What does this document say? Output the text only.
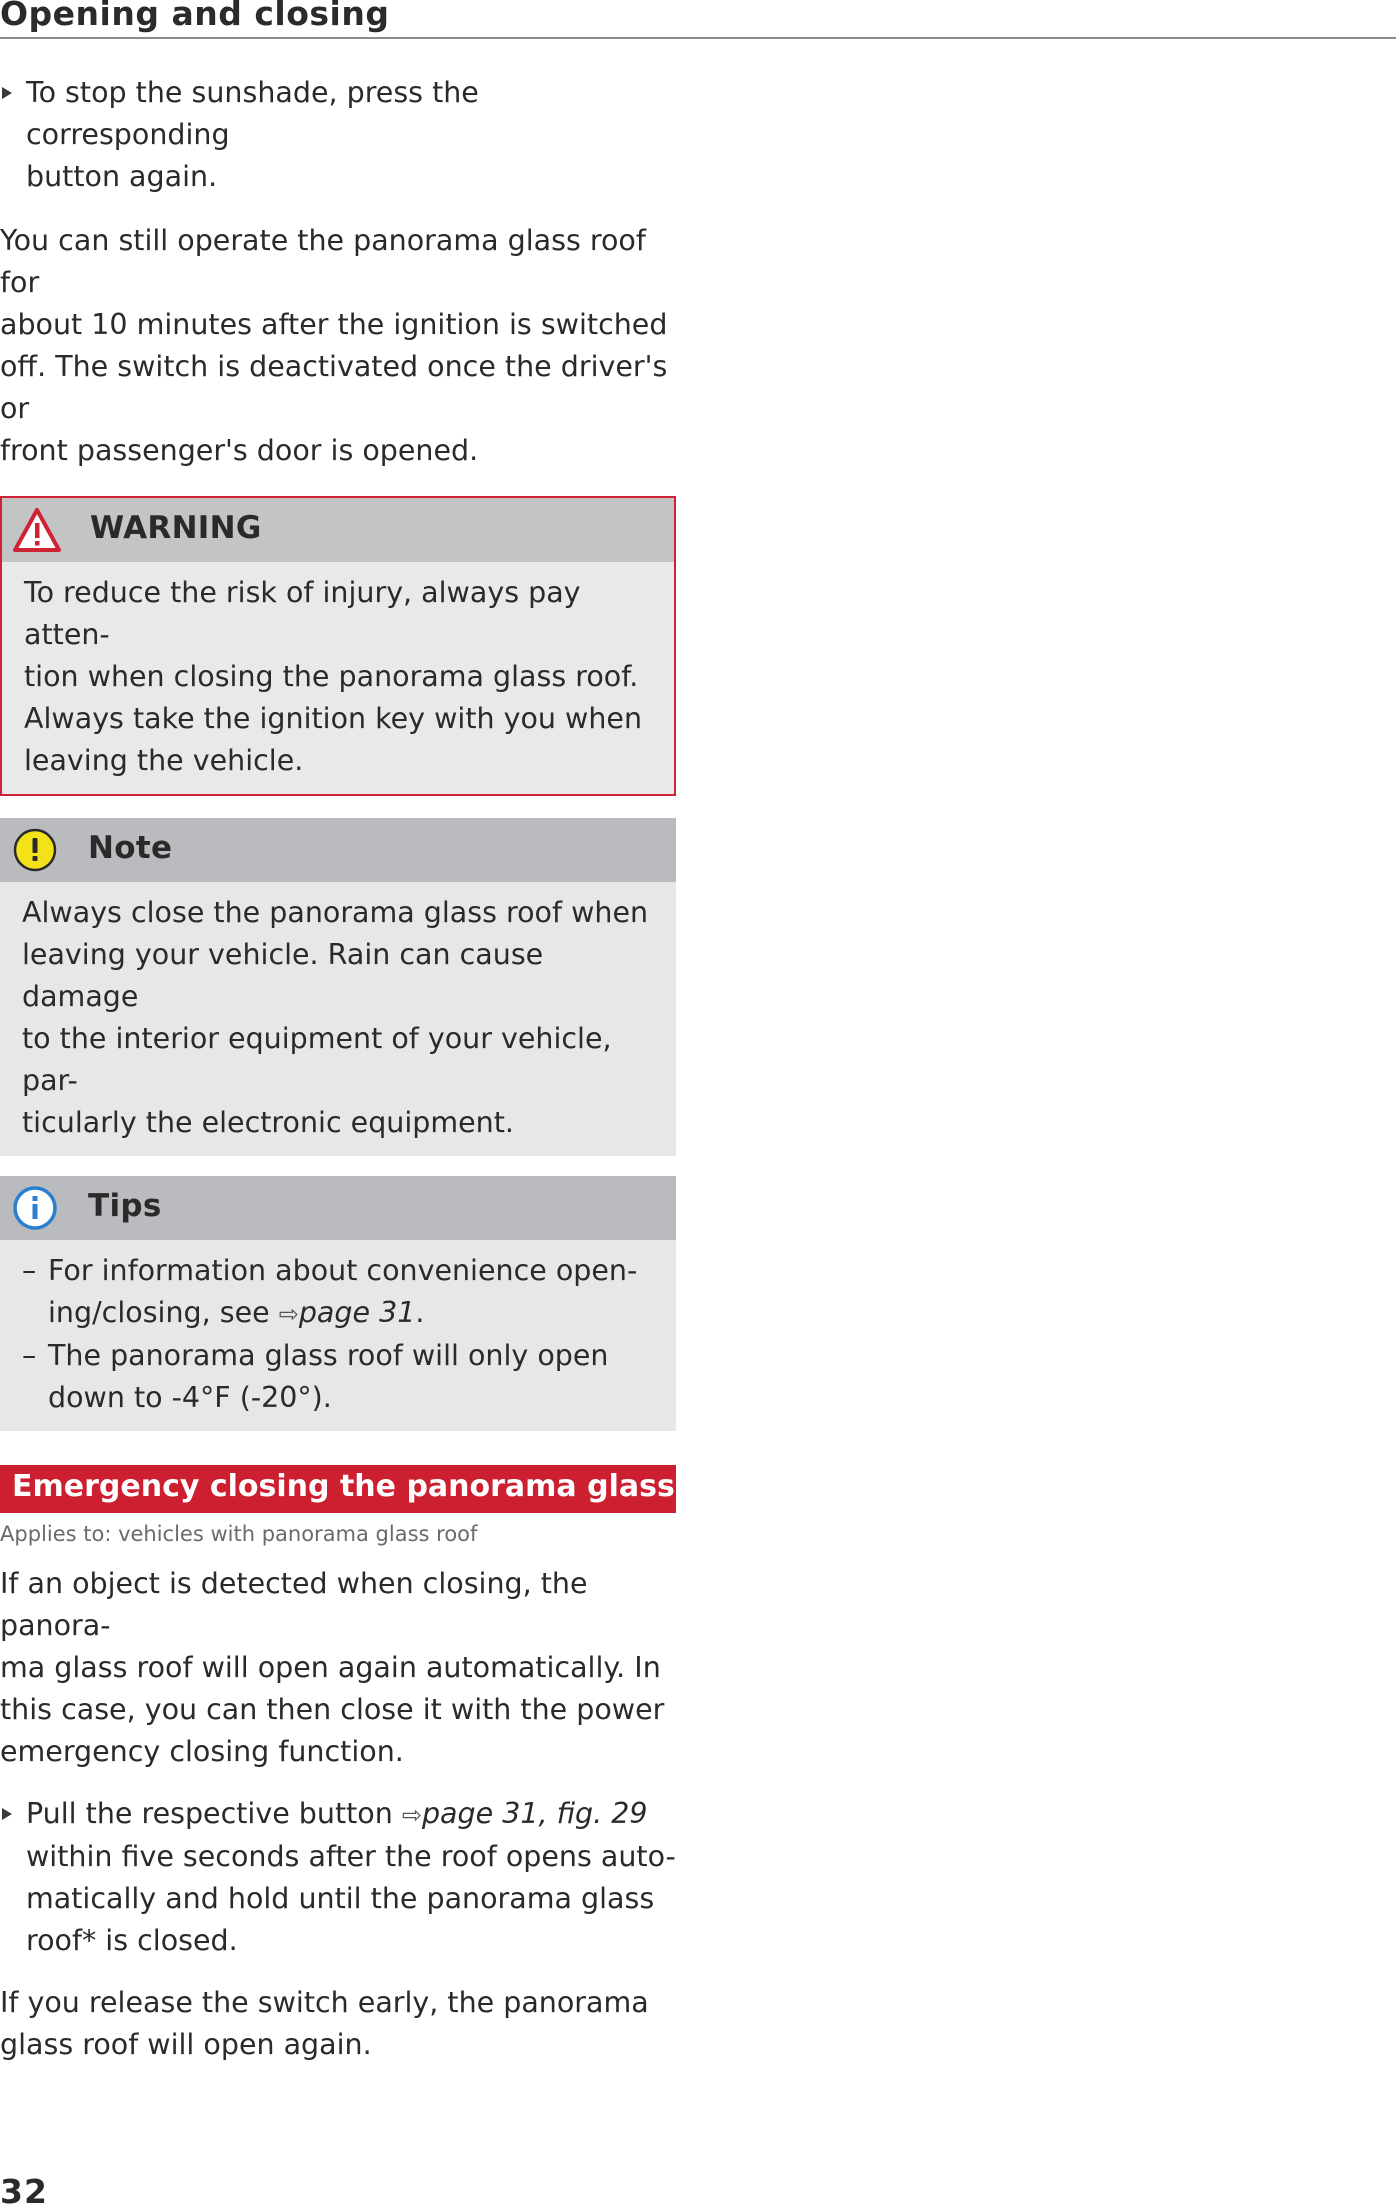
Opening and closing

To stop the sunshade, press the corresponding

button again.

You can still operate the panorama glass roof for

about 10 minutes after the ignition is switched

off. The switch is deactivated once the driver's or

front passenger's door is opened.

WARNING

To reduce the risk of injury, always pay atten-

tion when closing the panorama glass roof.

Always take the ignition key with you when

leaving the vehicle.

Note

Always close the panorama glass roof when

leaving your vehicle. Rain can cause damage

to the interior equipment of your vehicle, par-

ticularly the electronic equipment.

Tips
– For information about convenience open-

ing/closing, see ⇨page 31.

– The panorama glass roof will only open

down to -4°F (-20°).

Emergency closing the panorama glass roof

Applies to: vehicles with panorama glass roof

If an object is detected when closing, the panora-

ma glass roof will open again automatically. In

this case, you can then close it with the power

emergency closing function.

Pull the respective button ⇨page 31, fig. 29

within five seconds after the roof opens auto-

matically and hold until the panorama glass

roof* is closed.

If you release the switch early, the panorama

glass roof will open again.

32
